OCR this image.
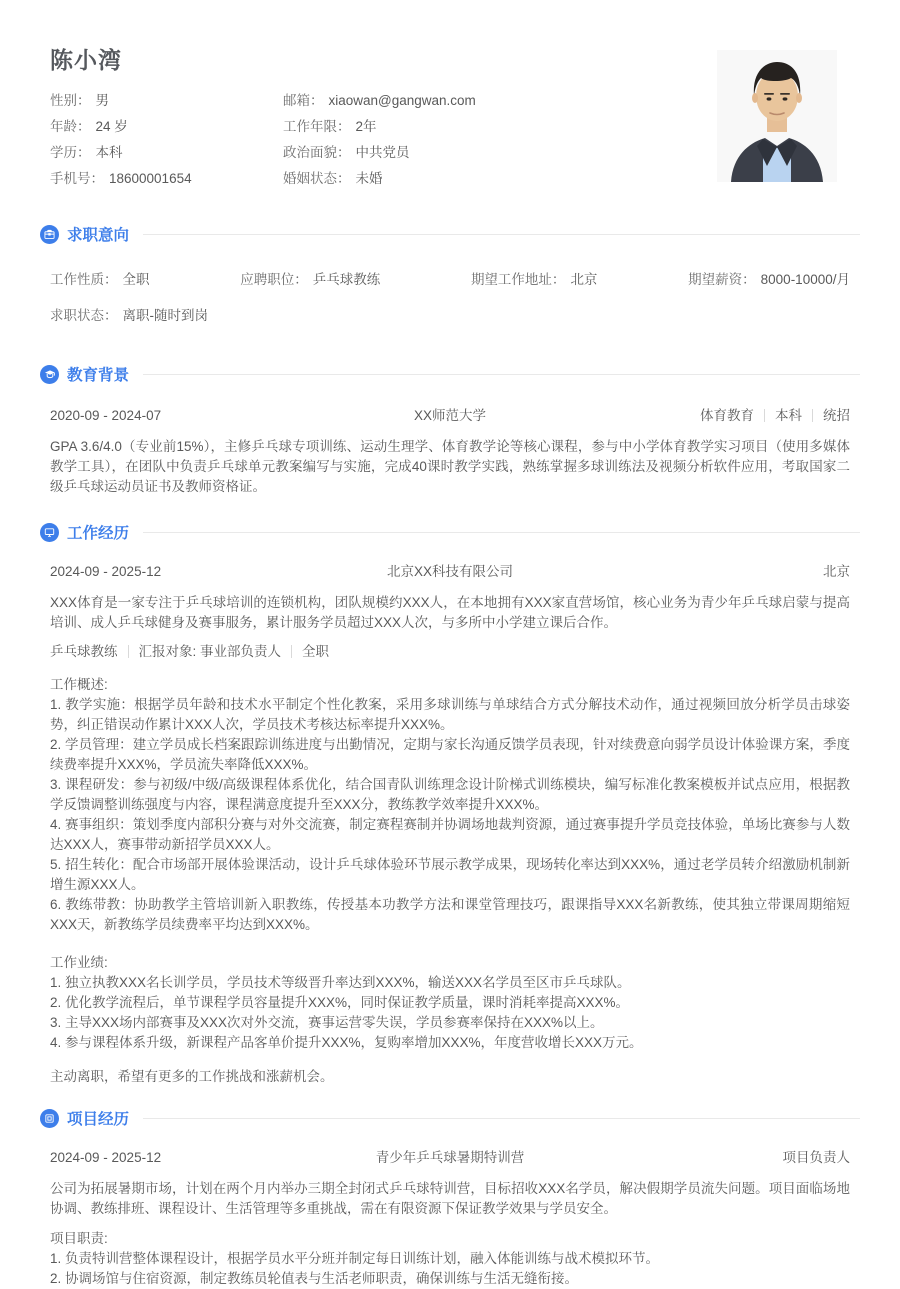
陈小湾
性别： 男	邮箱： xiaowan@gangwan.com
年龄： 24 岁	工作年限： 2年
学历： 本科	政治面貌： 中共党员
手机号： 18600001654	婚姻状态： 未婚
求职意向
工作性质： 全职	应聘职位： 乒乓球教练	期望工作地址： 北京	期望薪资： 8000-10000/月
求职状态： 离职-随时到岗
教育背景
2020-09 - 2024-07	XX师范大学	体育教育 本科 统招
GPA 3.6/4.0（专业前15%），主修乒乓球专项训练、运动生理学、体育教学论等核心课程，参与中小学体育教学实习项目（使用多媒体教学工具），在团队中负责乒乓球单元教案编写与实施，完成40课时教学实践，熟练掌握多球训练法及视频分析软件应用，考取国家二级乒乓球运动员证书及教师资格证。
工作经历
2024-09 - 2025-12	北京XX科技有限公司	北京
XXX体育是一家专注于乒乓球培训的连锁机构，团队规模约XXX人，在本地拥有XXX家直营场馆，核心业务为青少年乒乓球启蒙与提高培训、成人乒乓球健身及赛事服务，累计服务学员超过XXX人次，与多所中小学建立课后合作。
乒乓球教练 汇报对象: 事业部负责人 全职
工作概述:
1. 教学实施：根据学员年龄和技术水平制定个性化教案，采用多球训练与单球结合方式分解技术动作，通过视频回放分析学员击球姿势，纠正错误动作累计XXX人次，学员技术考核达标率提升XXX%。
2. 学员管理：建立学员成长档案跟踪训练进度与出勤情况，定期与家长沟通反馈学员表现，针对续费意向弱学员设计体验课方案，季度续费率提升XXX%，学员流失率降低XXX%。
3. 课程研发：参与初级/中级/高级课程体系优化，结合国青队训练理念设计阶梯式训练模块，编写标准化教案模板并试点应用，根据教学反馈调整训练强度与内容，课程满意度提升至XXX分，教练教学效率提升XXX%。
4. 赛事组织：策划季度内部积分赛与对外交流赛，制定赛程赛制并协调场地裁判资源，通过赛事提升学员竞技体验，单场比赛参与人数达XXX人，赛事带动新招学员XXX人。
5. 招生转化：配合市场部开展体验课活动，设计乒乓球体验环节展示教学成果，现场转化率达到XXX%，通过老学员转介绍激励机制新增生源XXX人。
6. 教练带教：协助教学主管培训新入职教练，传授基本功教学方法和课堂管理技巧，跟课指导XXX名新教练，使其独立带课周期缩短XXX天，新教练学员续费率平均达到XXX%。
工作业绩:
1. 独立执教XXX名长训学员，学员技术等级晋升率达到XXX%，输送XXX名学员至区市乒乓球队。
2. 优化教学流程后，单节课程学员容量提升XXX%，同时保证教学质量，课时消耗率提高XXX%。
3. 主导XXX场内部赛事及XXX次对外交流，赛事运营零失误，学员参赛率保持在XXX%以上。
4. 参与课程体系升级，新课程产品客单价提升XXX%，复购率增加XXX%，年度营收增长XXX万元。
主动离职，希望有更多的工作挑战和涨薪机会。
项目经历
2024-09 - 2025-12	青少年乒乓球暑期特训营	项目负责人
公司为拓展暑期市场，计划在两个月内举办三期全封闭式乒乓球特训营，目标招收XXX名学员，解决假期学员流失问题。项目面临场地协调、教练排班、课程设计、生活管理等多重挑战，需在有限资源下保证教学效果与学员安全。
项目职责:
1. 负责特训营整体课程设计，根据学员水平分班并制定每日训练计划，融入体能训练与战术模拟环节。
2. 协调场馆与住宿资源，制定教练员轮值表与生活老师职责，确保训练与生活无缝衔接。
